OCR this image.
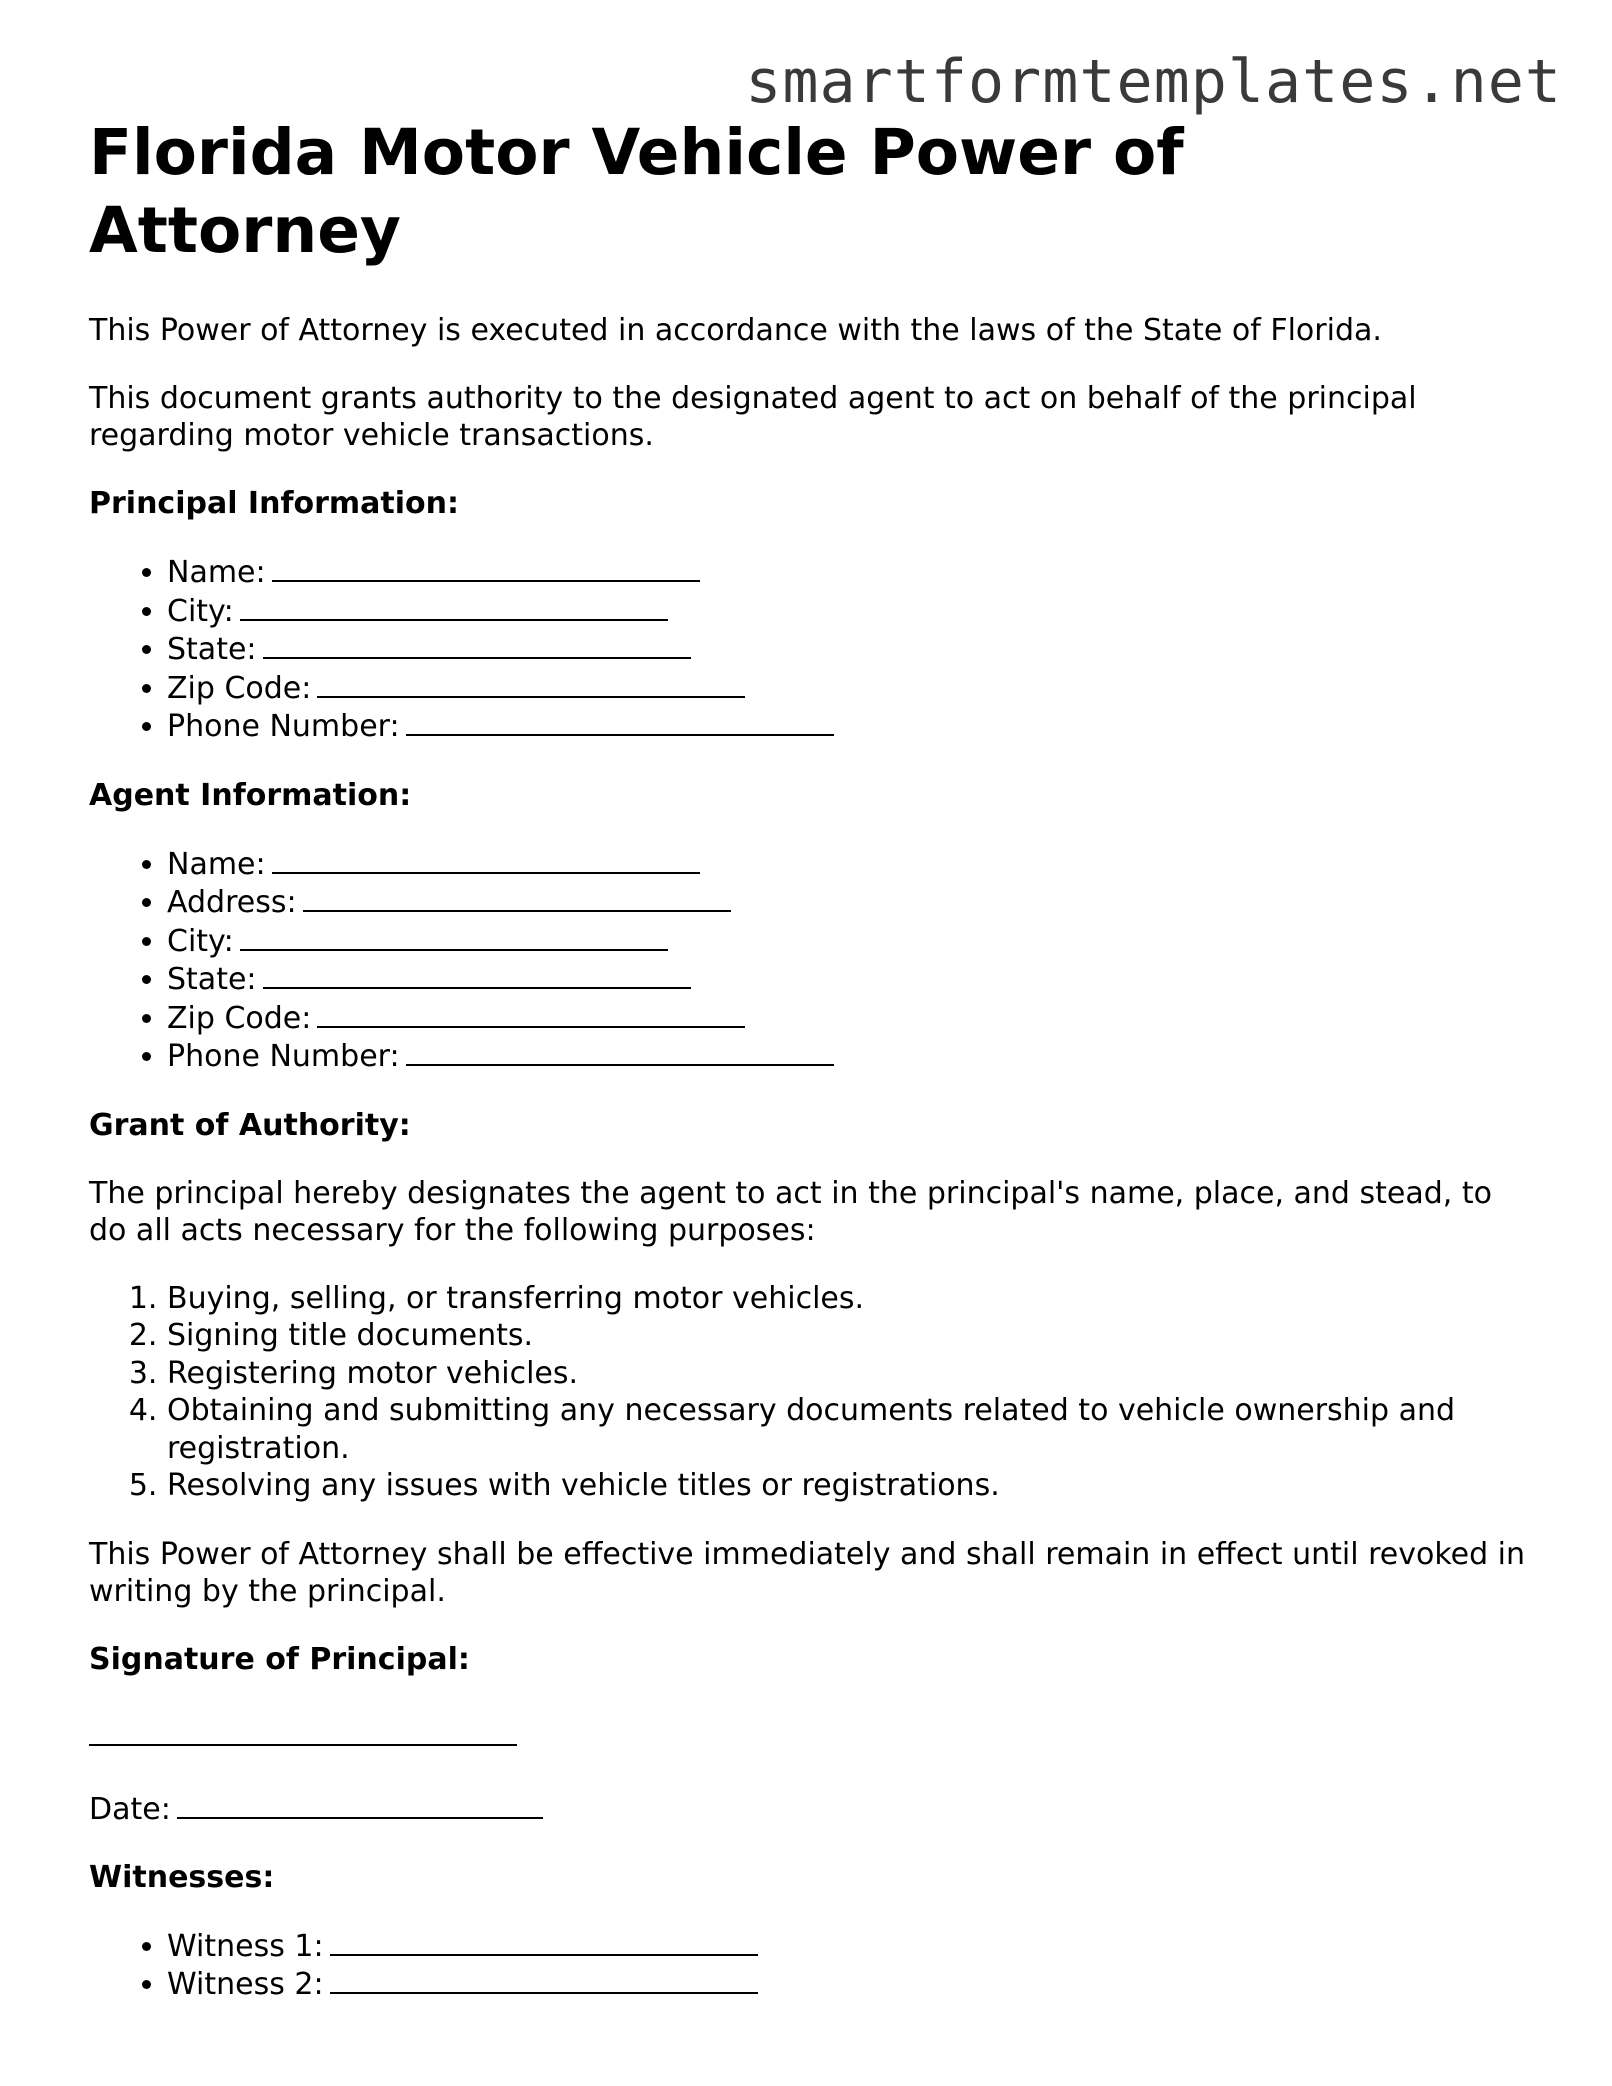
smartformtemplates.net
Florida Motor Vehicle Power of Attorney

This Power of Attorney is executed in accordance with the laws of the State of Florida.

This document grants authority to the designated agent to act on behalf of the principal regarding motor vehicle transactions.

Principal Information:
• Name:
• City:
• State:
• Zip Code:
• Phone Number:
Agent Information:
• Name:
• Address:
• City:
• State:
• Zip Code:
• Phone Number:
Grant of Authority:

The principal hereby designates the agent to act in the principal's name, place, and stead, to do all acts necessary for the following purposes:

1. Buying, selling, or transferring motor vehicles.
2. Signing title documents.
3. Registering motor vehicles.
4. Obtaining and submitting any necessary documents related to vehicle ownership and registration.
5. Resolving any issues with vehicle titles or registrations.

This Power of Attorney shall be effective immediately and shall remain in effect until revoked in writing by the principal.

Signature of Principal:

Date:

Witnesses:
• Witness 1:
• Witness 2:
